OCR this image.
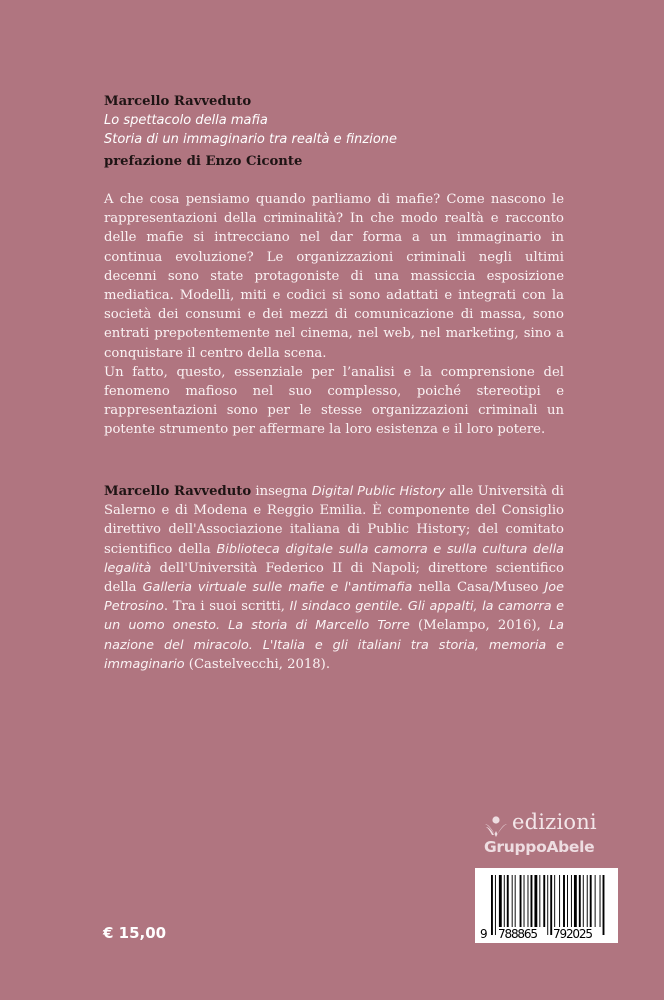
Marcello Ravveduto
Lo spettacolo della mafia
Storia di un immaginario tra realtà e finzione
prefazione di Enzo Ciconte

A che cosa pensiamo quando parliamo di mafie? Come nascono le rappresentazioni della criminalità? In che modo realtà e racconto delle mafie si intrecciano nel dar forma a un immaginario in continua evoluzione? Le organizzazioni criminali negli ultimi decenni sono state protagoniste di una massiccia esposizione mediatica. Modelli, miti e codici si sono adattati e integrati con la società dei consumi e dei mezzi di comunicazione di massa, sono entrati prepotentemente nel cinema, nel web, nel marketing, sino a conquistare il centro della scena.

Un fatto, questo, essenziale per l’analisi e la comprensione del fenomeno mafioso nel suo complesso, poiché stereotipi e rappresentazioni sono per le stesse organizzazioni criminali un potente strumento per affermare la loro esistenza e il loro potere.

Marcello Ravveduto insegna Digital Public History alle Università di Salerno e di Modena e Reggio Emilia. È componente del Consiglio direttivo dell'Associazione italiana di Public History; del comitato scientifico della Biblioteca digitale sulla camorra e sulla cultura della legalità dell'Università Federico II di Napoli; direttore scientifico della Galleria virtuale sulle mafie e l'antimafia nella Casa/Museo Joe Petrosino. Tra i suoi scritti, Il sindaco gentile. Gli appalti, la camorra e un uomo onesto. La storia di Marcello Torre (Melampo, 2016), La nazione del miracolo. L'Italia e gli italiani tra storia, memoria e immaginario (Castelvecchi, 2018).
edizioni
GruppoAbele
9 788865 792025
€ 15,00
